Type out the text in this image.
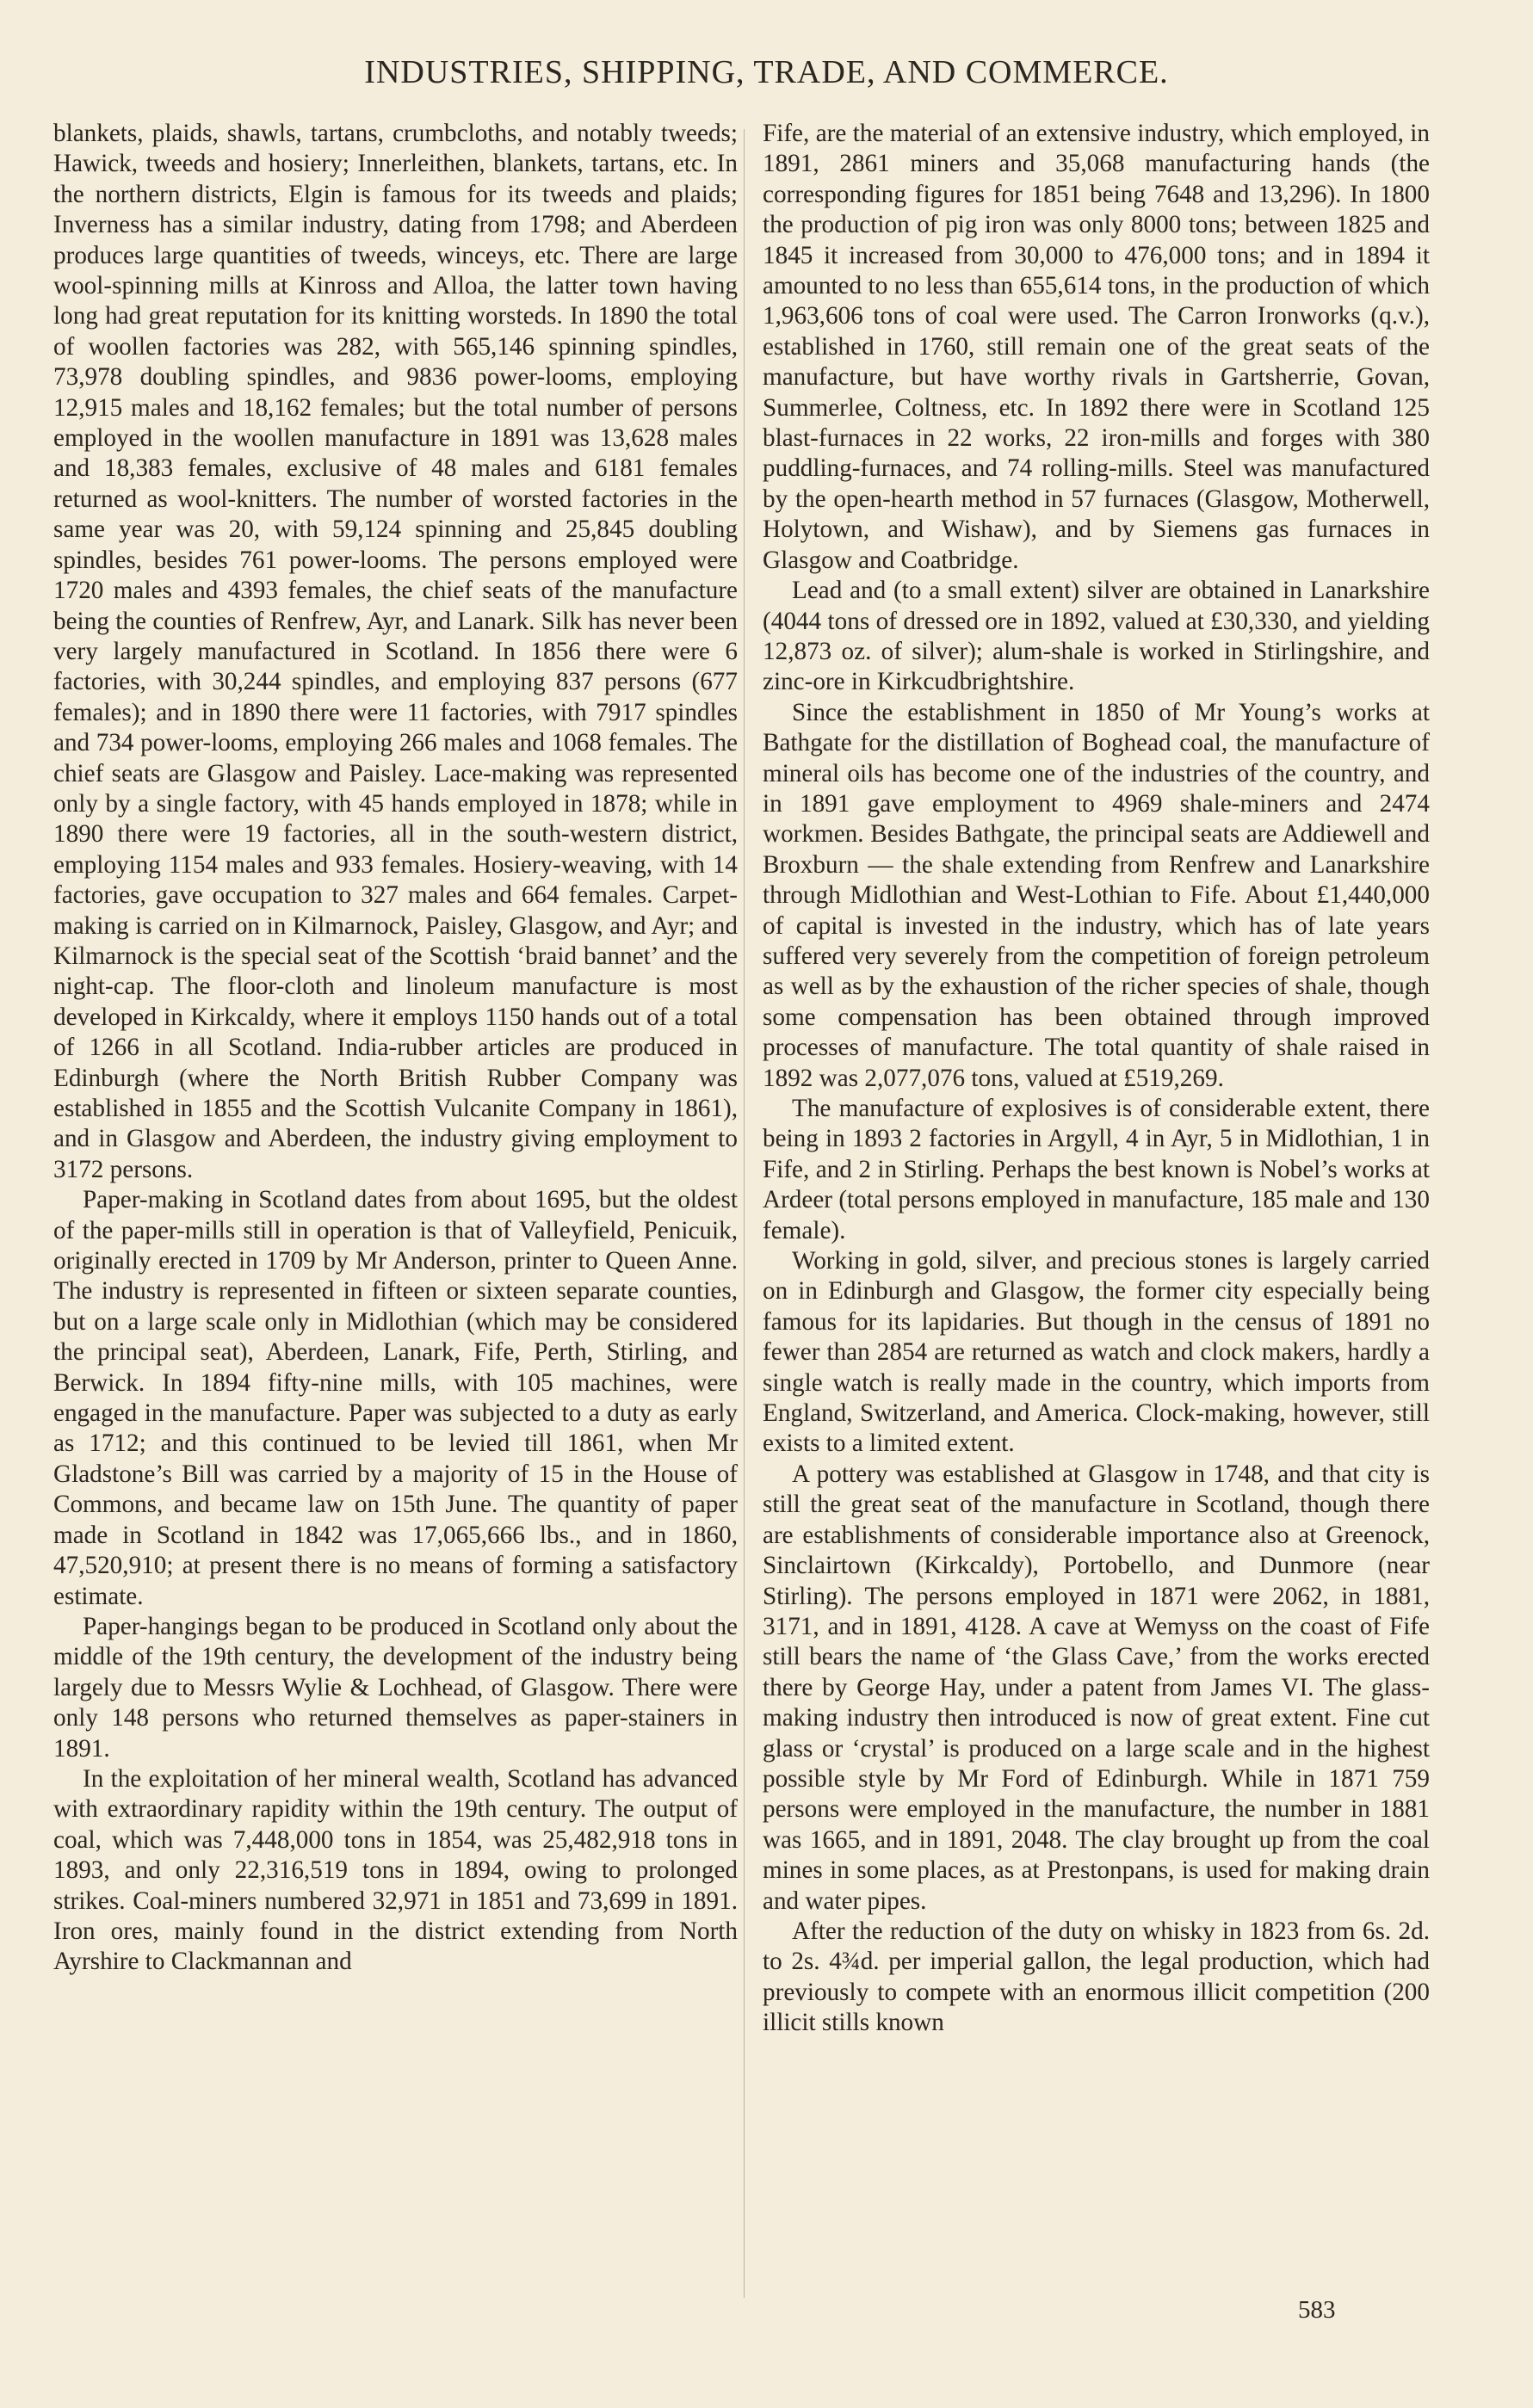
INDUSTRIES, SHIPPING, TRADE, AND COMMERCE.

blankets, plaids, shawls, tartans, crumbcloths, and notably tweeds; Hawick, tweeds and hosiery; Innerleithen, blankets, tartans, etc. In the northern districts, Elgin is famous for its tweeds and plaids; Inverness has a similar industry, dating from 1798; and Aberdeen produces large quantities of tweeds, winceys, etc. There are large wool-spinning mills at Kinross and Alloa, the latter town having long had great reputation for its knitting worsteds. In 1890 the total of woollen factories was 282, with 565,146 spinning spindles, 73,978 doubling spindles, and 9836 power-looms, employing 12,915 males and 18,162 females; but the total number of persons employed in the woollen manufacture in 1891 was 13,628 males and 18,383 females, exclusive of 48 males and 6181 females returned as wool-knitters. The number of worsted factories in the same year was 20, with 59,124 spinning and 25,845 doubling spindles, besides 761 power-looms. The persons employed were 1720 males and 4393 females, the chief seats of the manufacture being the counties of Renfrew, Ayr, and Lanark. Silk has never been very largely manufactured in Scotland. In 1856 there were 6 factories, with 30,244 spindles, and employing 837 persons (677 females); and in 1890 there were 11 factories, with 7917 spindles and 734 power-looms, employing 266 males and 1068 females. The chief seats are Glasgow and Paisley. Lace-making was represented only by a single factory, with 45 hands employed in 1878; while in 1890 there were 19 factories, all in the south-western district, employing 1154 males and 933 females. Hosiery-weaving, with 14 factories, gave occupation to 327 males and 664 females. Carpet-making is carried on in Kilmarnock, Paisley, Glasgow, and Ayr; and Kilmarnock is the special seat of the Scottish ‘braid bannet’ and the night-cap. The floor-cloth and linoleum manufacture is most developed in Kirkcaldy, where it employs 1150 hands out of a total of 1266 in all Scotland. India-rubber articles are produced in Edinburgh (where the North British Rubber Company was established in 1855 and the Scottish Vulcanite Company in 1861), and in Glasgow and Aberdeen, the industry giving employment to 3172 persons.

Paper-making in Scotland dates from about 1695, but the oldest of the paper-mills still in operation is that of Valleyfield, Penicuik, originally erected in 1709 by Mr Anderson, printer to Queen Anne. The industry is represented in fifteen or sixteen separate counties, but on a large scale only in Midlothian (which may be considered the principal seat), Aberdeen, Lanark, Fife, Perth, Stirling, and Berwick. In 1894 fifty-nine mills, with 105 machines, were engaged in the manufacture. Paper was subjected to a duty as early as 1712; and this continued to be levied till 1861, when Mr Gladstone’s Bill was carried by a majority of 15 in the House of Commons, and became law on 15th June. The quantity of paper made in Scotland in 1842 was 17,065,666 lbs., and in 1860, 47,520,910; at present there is no means of forming a satisfactory estimate.

Paper-hangings began to be produced in Scotland only about the middle of the 19th century, the development of the industry being largely due to Messrs Wylie & Lochhead, of Glasgow. There were only 148 persons who returned themselves as paper-stainers in 1891.

In the exploitation of her mineral wealth, Scotland has advanced with extraordinary rapidity within the 19th century. The output of coal, which was 7,448,000 tons in 1854, was 25,482,918 tons in 1893, and only 22,316,519 tons in 1894, owing to prolonged strikes. Coal-miners numbered 32,971 in 1851 and 73,699 in 1891. Iron ores, mainly found in the district extending from North Ayrshire to Clackmannan and

Fife, are the material of an extensive industry, which employed, in 1891, 2861 miners and 35,068 manufacturing hands (the corresponding figures for 1851 being 7648 and 13,296). In 1800 the production of pig iron was only 8000 tons; between 1825 and 1845 it increased from 30,000 to 476,000 tons; and in 1894 it amounted to no less than 655,614 tons, in the production of which 1,963,606 tons of coal were used. The Carron Ironworks (q.v.), established in 1760, still remain one of the great seats of the manufacture, but have worthy rivals in Gartsherrie, Govan, Summerlee, Coltness, etc. In 1892 there were in Scotland 125 blast-furnaces in 22 works, 22 iron-mills and forges with 380 puddling-furnaces, and 74 rolling-mills. Steel was manufactured by the open-hearth method in 57 furnaces (Glasgow, Motherwell, Holytown, and Wishaw), and by Siemens gas furnaces in Glasgow and Coatbridge.

Lead and (to a small extent) silver are obtained in Lanarkshire (4044 tons of dressed ore in 1892, valued at £30,330, and yielding 12,873 oz. of silver); alum-shale is worked in Stirlingshire, and zinc-ore in Kirkcudbrightshire.

Since the establishment in 1850 of Mr Young’s works at Bathgate for the distillation of Boghead coal, the manufacture of mineral oils has become one of the industries of the country, and in 1891 gave employment to 4969 shale-miners and 2474 workmen. Besides Bathgate, the principal seats are Addiewell and Broxburn — the shale extending from Renfrew and Lanarkshire through Midlothian and West-Lothian to Fife. About £1,440,000 of capital is invested in the industry, which has of late years suffered very severely from the competition of foreign petroleum as well as by the exhaustion of the richer species of shale, though some compensation has been obtained through improved processes of manufacture. The total quantity of shale raised in 1892 was 2,077,076 tons, valued at £519,269.

The manufacture of explosives is of considerable extent, there being in 1893 2 factories in Argyll, 4 in Ayr, 5 in Midlothian, 1 in Fife, and 2 in Stirling. Perhaps the best known is Nobel’s works at Ardeer (total persons employed in manufacture, 185 male and 130 female).

Working in gold, silver, and precious stones is largely carried on in Edinburgh and Glasgow, the former city especially being famous for its lapidaries. But though in the census of 1891 no fewer than 2854 are returned as watch and clock makers, hardly a single watch is really made in the country, which imports from England, Switzerland, and America. Clock-making, however, still exists to a limited extent.

A pottery was established at Glasgow in 1748, and that city is still the great seat of the manufacture in Scotland, though there are establishments of considerable importance also at Greenock, Sinclairtown (Kirkcaldy), Portobello, and Dunmore (near Stirling). The persons employed in 1871 were 2062, in 1881, 3171, and in 1891, 4128. A cave at Wemyss on the coast of Fife still bears the name of ‘the Glass Cave,’ from the works erected there by George Hay, under a patent from James VI. The glass-making industry then introduced is now of great extent. Fine cut glass or ‘crystal’ is produced on a large scale and in the highest possible style by Mr Ford of Edinburgh. While in 1871 759 persons were employed in the manufacture, the number in 1881 was 1665, and in 1891, 2048. The clay brought up from the coal mines in some places, as at Prestonpans, is used for making drain and water pipes.

After the reduction of the duty on whisky in 1823 from 6s. 2d. to 2s. 4¾d. per imperial gallon, the legal production, which had previously to compete with an enormous illicit competition (200 illicit stills known

583
